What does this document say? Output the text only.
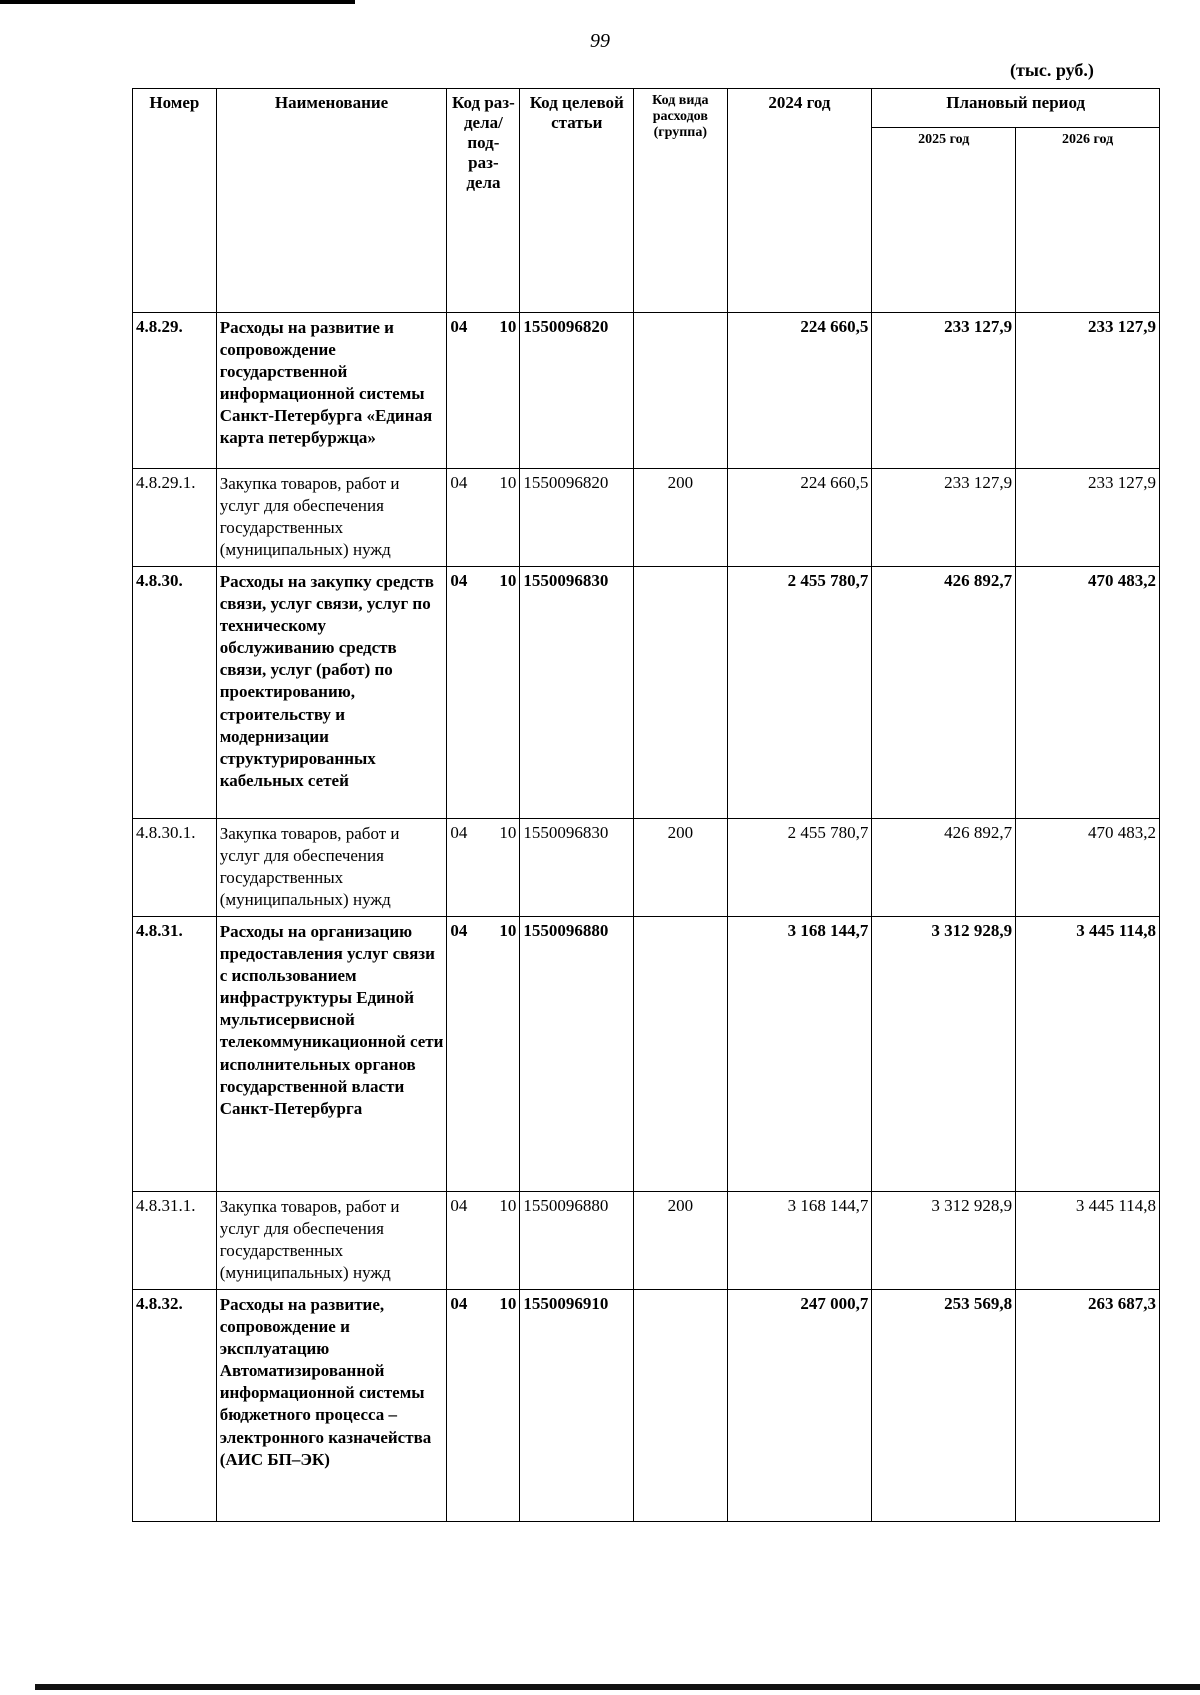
99
(тыс. руб.)
Номер	Наименование	Код раз- дела/ под- раз- дела	Код целевой статьи	Код вида расходов (группа)	2024 год	Плановый период	
						2025 год	2026 год
4.8.29.	Расходы на развитие и сопровождение государственной информационной системы Санкт-Петербурга «Единая карта петербуржца»	04 10	1550096820		224 660,5	233 127,9	233 127,9
4.8.29.1.	Закупка товаров, работ и услуг для обеспечения государственных (муниципальных) нужд	04 10	1550096820	200	224 660,5	233 127,9	233 127,9
4.8.30.	Расходы на закупку средств связи, услуг связи, услуг по техническому обслуживанию средств связи, услуг (работ) по проектированию, строительству и модернизации структурированных кабельных сетей	04 10	1550096830		2 455 780,7	426 892,7	470 483,2
4.8.30.1.	Закупка товаров, работ и услуг для обеспечения государственных (муниципальных) нужд	04 10	1550096830	200	2 455 780,7	426 892,7	470 483,2
4.8.31.	Расходы на организацию предоставления услуг связи с использованием инфраструктуры Единой мультисервисной телекоммуникационной сети исполнительных органов государственной власти Санкт-Петербурга	04 10	1550096880		3 168 144,7	3 312 928,9	3 445 114,8
4.8.31.1.	Закупка товаров, работ и услуг для обеспечения государственных (муниципальных) нужд	04 10	1550096880	200	3 168 144,7	3 312 928,9	3 445 114,8
4.8.32.	Расходы на развитие, сопровождение и эксплуатацию Автоматизированной информационной системы бюджетного процесса – электронного казначейства (АИС БП–ЭК)	04 10	1550096910		247 000,7	253 569,8	263 687,3
